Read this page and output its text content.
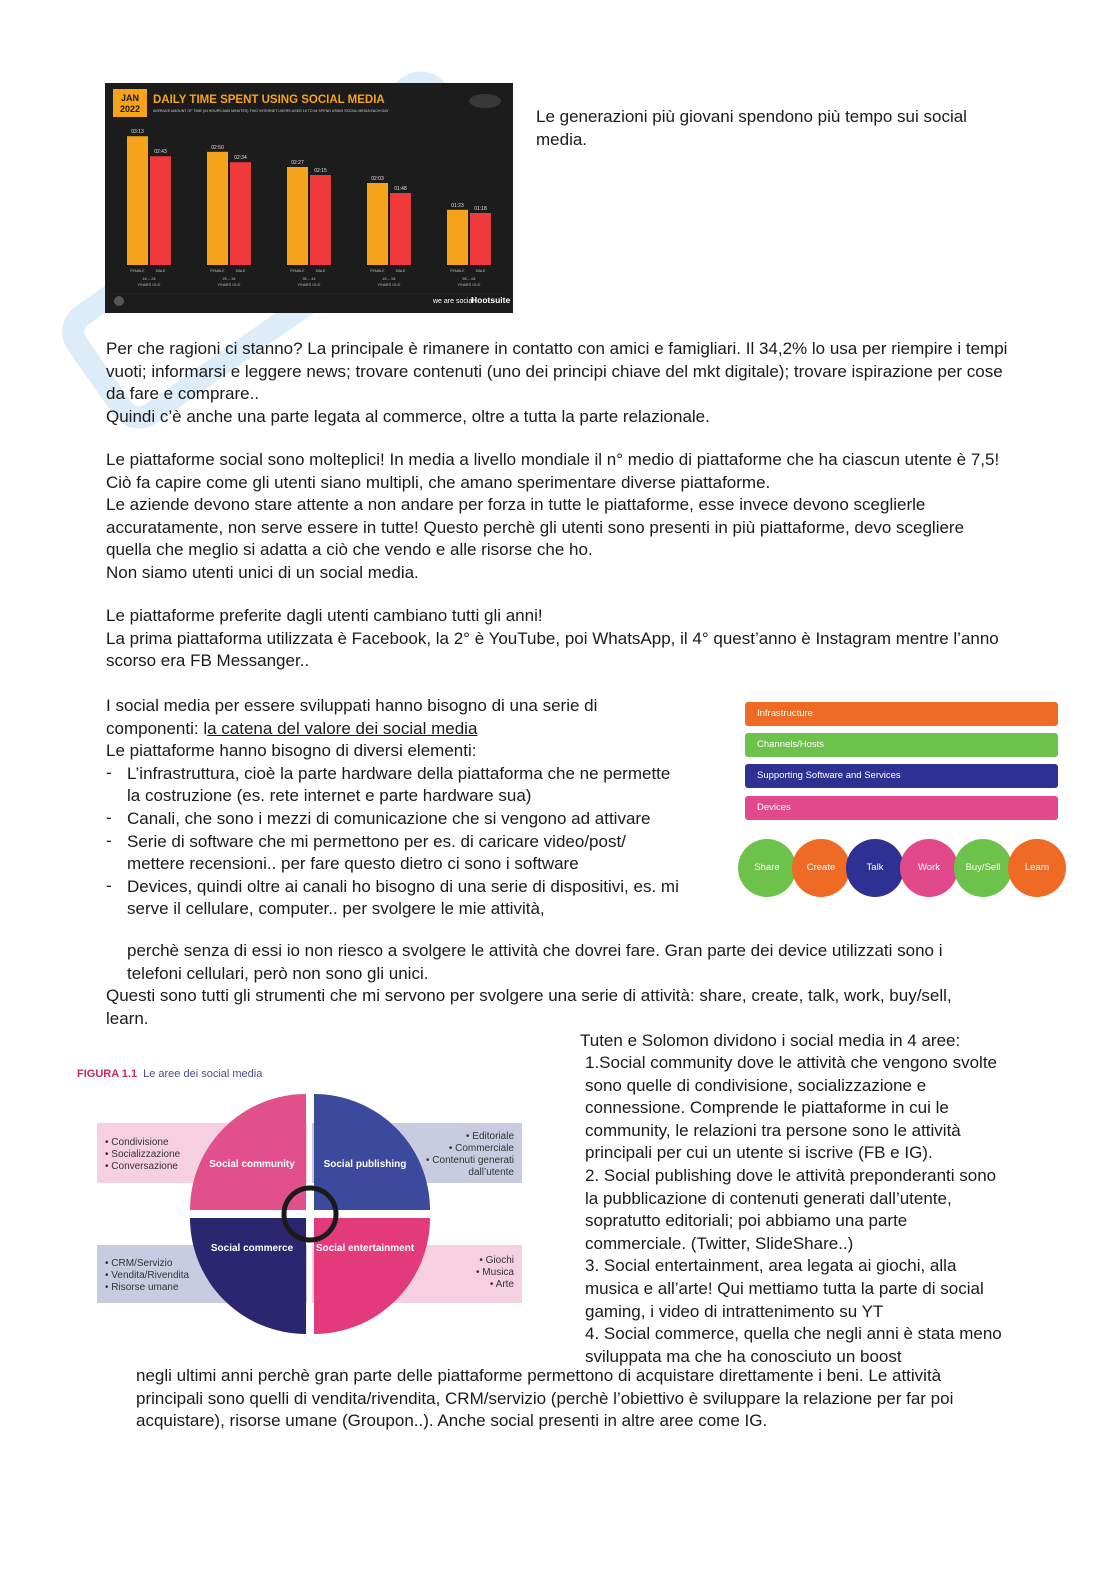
JAN
2022
DAILY TIME SPENT USING SOCIAL MEDIA
AVERAGE AMOUNT OF TIME (IN HOURS AND MINUTES) THAT INTERNET USERS AGED 16 TO 64 SPEND USING SOCIAL MEDIA EACH DAY
03:13
FEMALE
02:43
MALE
16 – 24
YEARS OLD
02:50
FEMALE
02:34
MALE
25 – 34
YEARS OLD
02:27
FEMALE
02:15
MALE
35 – 44
YEARS OLD
02:03
FEMALE
01:48
MALE
45 – 54
YEARS OLD
01:23
FEMALE
01:18
MALE
55 – 64
YEARS OLD
we are social
Hootsuite
Le generazioni più giovani spendono più tempo sui social media.

Per che ragioni ci stanno? La principale è rimanere in contatto con amici e famigliari. Il 34,2% lo usa per riempire i tempi vuoti; informarsi e leggere news; trovare contenuti (uno dei principi chiave del mkt digitale); trovare ispirazione per cose da fare e comprare..

Quindi c’è anche una parte legata al commerce, oltre a tutta la parte relazionale.

Le piattaforme social sono molteplici! In media a livello mondiale il n° medio di piattaforme che ha ciascun utente è 7,5! Ciò fa capire come gli utenti siano multipli, che amano sperimentare diverse piattaforme.

Le aziende devono stare attente a non andare per forza in tutte le piattaforme, esse invece devono sceglierle accuratamente, non serve essere in tutte! Questo perchè gli utenti sono presenti in più piattaforme, devo scegliere quella che meglio si adatta a ciò che vendo e alle risorse che ho.

Non siamo utenti unici di un social media.

Le piattaforme preferite dagli utenti cambiano tutti gli anni!

La prima piattaforma utilizzata è Facebook, la 2° è YouTube, poi WhatsApp, il 4° quest’anno è Instagram mentre l’anno scorso era FB Messanger..

I social media per essere sviluppati hanno bisogno di una serie di componenti: la catena del valore dei social media

Le piattaforme hanno bisogno di diversi elementi:

- L’infrastruttura, cioè la parte hardware della piattaforma che ne permette la costruzione (es. rete internet e parte hardware sua)
- Canali, che sono i mezzi di comunicazione che si vengono ad attivare
- Serie di software che mi permettono per es. di caricare video/post/ mettere recensioni.. per fare questo dietro ci sono i software
- Devices, quindi oltre ai canali ho bisogno di una serie di dispositivi, es. mi serve il cellulare, computer.. per svolgere le mie attività,
perchè senza di essi io non riesco a svolgere le attività che dovrei fare. Gran parte dei device utilizzati sono i telefoni cellulari, però non sono gli unici.
Questi sono tutti gli strumenti che mi servono per svolgere una serie di attività: share, create, talk, work, buy/sell, learn.
Infrastructure
Channels/Hosts
Supporting Software and Services
Devices
Share	Create	Talk	Work	Buy/Sell	Learn
FIGURA 1.1 Le aree dei social media
Social community	Social publishing
Social commerce	Social entertainment
• Condivisione
• Socializzazione
• Conversazione
• Editoriale
• Commerciale
• Contenuti generati dall’utente
• CRM/Servizio
• Vendita/Rivendita
• Risorse umane
• Giochi
• Musica
• Arte
Tuten e Solomon dividono i social media in 4 aree:

1.Social community dove le attività che vengono svolte sono quelle di condivisione, socializzazione e connessione. Comprende le piattaforme in cui le community, le relazioni tra persone sono le attività principali per cui un utente si iscrive (FB e IG).

2. Social publishing dove le attività preponderanti sono la pubblicazione di contenuti generati dall’utente, sopratutto editoriali; poi abbiamo una parte commerciale. (Twitter, SlideShare..)

3. Social entertainment, area legata ai giochi, alla musica e all’arte! Qui mettiamo tutta la parte di social gaming, i video di intrattenimento su YT

4. Social commerce, quella che negli anni è stata meno sviluppata ma che ha conosciuto un boost

negli ultimi anni perchè gran parte delle piattaforme permettono di acquistare direttamente i beni. Le attività principali sono quelli di vendita/rivendita, CRM/servizio (perchè l’obiettivo è sviluppare la relazione per far poi acquistare), risorse umane (Groupon..). Anche social presenti in altre aree come IG.
